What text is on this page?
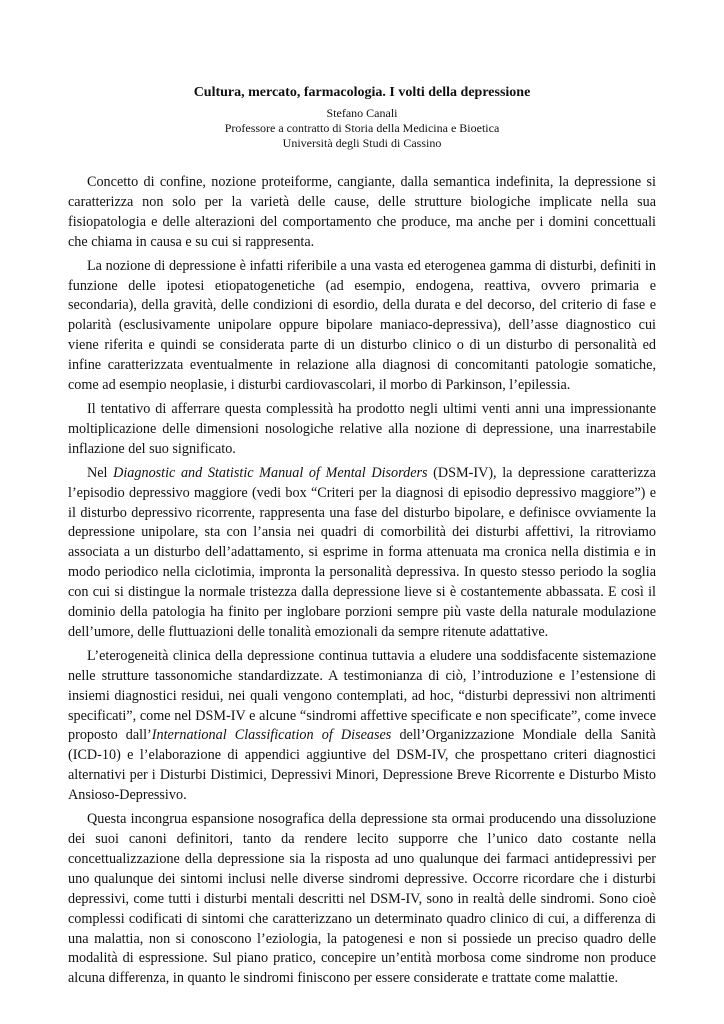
Cultura, mercato, farmacologia. I volti della depressione
Stefano Canali
Professore a contratto di Storia della Medicina e Bioetica
Università degli Studi di Cassino

Concetto di confine, nozione proteiforme, cangiante, dalla semantica indefinita, la depressione si caratterizza non solo per la varietà delle cause, delle strutture biologiche implicate nella sua fisiopatologia e delle alterazioni del comportamento che produce, ma anche per i domini concettuali che chiama in causa e su cui si rappresenta.

La nozione di depressione è infatti riferibile a una vasta ed eterogenea gamma di disturbi, definiti in funzione delle ipotesi etiopatogenetiche (ad esempio, endogena, reattiva, ovvero primaria e secondaria), della gravità, delle condizioni di esordio, della durata e del decorso, del criterio di fase e polarità (esclusivamente unipolare oppure bipolare maniaco-depressiva), dell’asse diagnostico cui viene riferita e quindi se considerata parte di un disturbo clinico o di un disturbo di personalità ed infine caratterizzata eventualmente in relazione alla diagnosi di concomitanti patologie somatiche, come ad esempio neoplasie, i disturbi cardiovascolari, il morbo di Parkinson, l’epilessia.

Il tentativo di afferrare questa complessità ha prodotto negli ultimi venti anni una impressionante moltiplicazione delle dimensioni nosologiche relative alla nozione di depressione, una inarrestabile inflazione del suo significato.

Nel Diagnostic and Statistic Manual of Mental Disorders (DSM-IV), la depressione caratterizza l’episodio depressivo maggiore (vedi box “Criteri per la diagnosi di episodio depressivo maggiore”) e il disturbo depressivo ricorrente, rappresenta una fase del disturbo bipolare, e definisce ovviamente la depressione unipolare, sta con l’ansia nei quadri di comorbilità dei disturbi affettivi, la ritroviamo associata a un disturbo dell’adattamento, si esprime in forma attenuata ma cronica nella distimia e in modo periodico nella ciclotimia, impronta la personalità depressiva. In questo stesso periodo la soglia con cui si distingue la normale tristezza dalla depressione lieve si è costantemente abbassata. E così il dominio della patologia ha finito per inglobare porzioni sempre più vaste della naturale modulazione dell’umore, delle fluttuazioni delle tonalità emozionali da sempre ritenute adattative.

L’eterogeneità clinica della depressione continua tuttavia a eludere una soddisfacente sistemazione nelle strutture tassonomiche standardizzate. A testimonianza di ciò, l’introduzione e l’estensione di insiemi diagnostici residui, nei quali vengono contemplati, ad hoc, “disturbi depressivi non altrimenti specificati”, come nel DSM-IV e alcune “sindromi affettive specificate e non specificate”, come invece proposto dall’International Classification of Diseases dell’Organizzazione Mondiale della Sanità (ICD-10) e l’elaborazione di appendici aggiuntive del DSM-IV, che prospettano criteri diagnostici alternativi per i Disturbi Distimici, Depressivi Minori, Depressione Breve Ricorrente e Disturbo Misto Ansioso-Depressivo.

Questa incongrua espansione nosografica della depressione sta ormai producendo una dissoluzione dei suoi canoni definitori, tanto da rendere lecito supporre che l’unico dato costante nella concettualizzazione della depressione sia la risposta ad uno qualunque dei farmaci antidepressivi per uno qualunque dei sintomi inclusi nelle diverse sindromi depressive. Occorre ricordare che i disturbi depressivi, come tutti i disturbi mentali descritti nel DSM-IV, sono in realtà delle sindromi. Sono cioè complessi codificati di sintomi che caratterizzano un determinato quadro clinico di cui, a differenza di una malattia, non si conoscono l’eziologia, la patogenesi e non si possiede un preciso quadro delle modalità di espressione. Sul piano pratico, concepire un’entità morbosa come sindrome non produce alcuna differenza, in quanto le sindromi finiscono per essere considerate e trattate come malattie.
